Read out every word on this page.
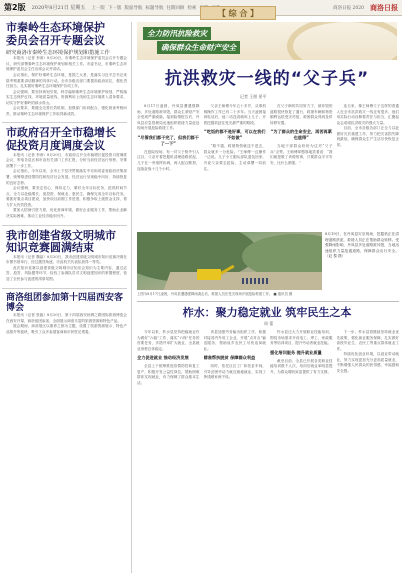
第2版 2020年8月21日 星期五 上一版 下一版 版面导航 标题导航 往期回顾 检索	商洛日报 2020 商洛日报
【 综 合 】
市秦岭生态环境保护
委员会召开专题会议
研究商洛市秦岭生态环境保护规划和措施工作

本报讯（记者 李涛）8月20日，市秦岭生态环境保护委员会召开专题会议，研究部署秦岭生态环境保护规划和相关工作。市委书记、市秦岭生态环境保护委员会主任出席会议并讲话。

会议指出，保护好秦岭生态环境，是国之大者，是落实习近平总书记来陕考察重要讲话精神的具体行动。全市各级各部门要提高政治站位，强化责任担当，扎实做好秦岭生态环境保护各项工作。

会议强调，要坚持规划引领，科学编制秦岭生态环境保护规划，严格落实生态保护红线、环境质量底线、资源利用上线和生态环境准入清单要求，切实守护好秦岭的绿水青山。

会议要求，要健全完善长效机制，加强部门协同配合，强化督查考核问责，推动秦岭生态环境保护工作取得新成效。

市政府召开全市稳增长
促投资月度调度会议

本报讯（记者 李涛）8月20日，市政府召开全市稳增长促投资月度调度会议，听取各县区和市直有关部门工作汇报，分析当前经济运行形势，安排部署下一步工作。

会议指出，今年以来，全市上下坚决贯彻落实中央和省委省政府决策部署，统筹推进疫情防控和经济社会发展，经济运行呈现稳中向好、持续恢复的良好态势。

会议强调，要坚定信心，保持定力，紧盯全年目标任务，抢抓时间节点，全力以赴稳增长、促投资、保就业、惠民生，确保完成全年目标任务。要抓好重点项目建设，加快项目前期工作进度，积极争取上级资金支持，着力扩大有效投资。

要加大招商引资力度，优化营商环境，做好企业服务工作，帮助企业解决实际困难，推动工业经济稳步回升。

我市创建省级文明城市
知识竞赛圆满结束

本报讯（记者 魏晶）8月20日，我市创建省级文明城市知识竞赛决赛在市图书馆举行，经过激烈角逐，市直机关代表队获得一等奖。

此次知识竞赛以创建省级文明城市应知应会知识为主要内容，通过必答、抢答、风险题等环节，检验了参赛队员对文明创建知识的掌握程度，营造了全民参与创建的浓厚氛围。

商洛组团参加第十四届西安客博会

本报讯（记者 张毅）8月20日，第十四届西安丝绸之路国际旅游博览会在西安开幕，商洛组团参加，全面展示商洛丰富的旅游资源和特色产品。

展会期间，商洛展区以康养之都为主题，设置了旅游资源展示、特色产品推介等板块，吸引了众多参展客商和市民驻足观看。

全力防汛抗险救灾
确保群众生命财产安全
抗洪救灾一线的“父子兵”
记者 王朋 景平

8月17日凌晨，丹凤县遭遇强降雨，多处道路被冲毁，群众生命财产安全受到严重威胁。接到险情报告后，丹凤县应急管理局迅速组织救援力量赶赴现场开展抢险救援工作。

“尽管我们都干完了，但我们都干了一下”

在抢险现场，有一对父子格外引人注目，父亲开着挖掘机清理道路淤泥，儿子在一旁指挥协调，两人配合默契，连续奋战十几个小时。

父亲王师傅今年五十多岁，从事机械操作工作已有二十多年。当天凌晨接到电话后，他二话没说就叫上儿子，开着挖掘机赶往受灾最严重的路段。

“吃饭的都不是好事，可以在我们不如做”

“路不通，救援物资就送不进去，群众就多一分危险。”王师傅一边操作一边说。儿子小王刚从部队退伍回家，听说父亲要去抢险，主动请缨一同前往。

在父子俩的共同努力下，被冲毁的道路很快恢复了通行，救援车辆和物资顺利运抵受灾村组，被困群众得到及时转移安置。

“为了群众的生命安全，再苦再累也值得”

当地干部群众纷纷为这对“父子兵”点赞。王师傅却憨厚地笑着说：“我们就是做了该做的事，只要群众平平安安，比什么都强。”

连日来，像王师傅父子这样的普通人在全市抗洪救灾一线还有很多，他们用实际行动诠释着责任与担当，汇聚起众志成城抗洪救灾的强大力量。

目前，全市各级各部门正全力以赴做好灾后重建工作，努力把灾害损失降到最低，确保群众生产生活尽快恢复正常。

8月19日，在丹凤县灾后现场，挖掘机正在清理道路淤泥，救援人员正在帮助群众转移。受强降雨影响，丹凤县多处道路被冲毁，当地迅速组织力量抢通道路，保障群众出行安全。（赵 黎 摄）
上图为8月17日凌晨，丹凤县遭遇强降雨袭击后，救援人员在受灾现场开展抢险救援工作。 ■ 通讯员 摄
柞水：聚力稳定就业 筑牢民生之本
周 蕾

今年以来，柞水县坚持把稳就业作为做好“六稳”工作、落实“六保”任务的首要任务，多措并举扩大就业，全县就业形势总体稳定。

全力促进就业 推动经济发展

全县上下统筹推进疫情防控和复工复产，积极开发公益性岗位，帮助困难群体实现就业，有力保障了群众基本生活。

该县加强劳务输出组织工作，积极对接省内外用工企业，开展“点对点”输送服务，帮助返乡农民工尽快返岗就业。

精准帮扶脱贫 保障群众利益

同时，依托社区工厂和扶贫车间，引导贫困劳动力就近就地就业，实现了挣钱顾家两不误。

柞水县还大力开展职业技能培训，围绕市场需求开设电工、焊工、家政服务等培训项目，提升劳动者就业技能。

强化培训服务 提升就业质量

截至目前，全县已开展各类职业技能培训数千人次，培训后就业率明显提升，为群众增收致富提供了有力支撑。

下一步，柞水县将继续坚持就业优先政策，强化就业服务保障，扎实做好高校毕业生、农民工等重点群体就业工作。

持续优化创业环境，以创业带动就业，努力实现更加充分更高质量就业，不断增强人民群众的获得感、幸福感和安全感。
